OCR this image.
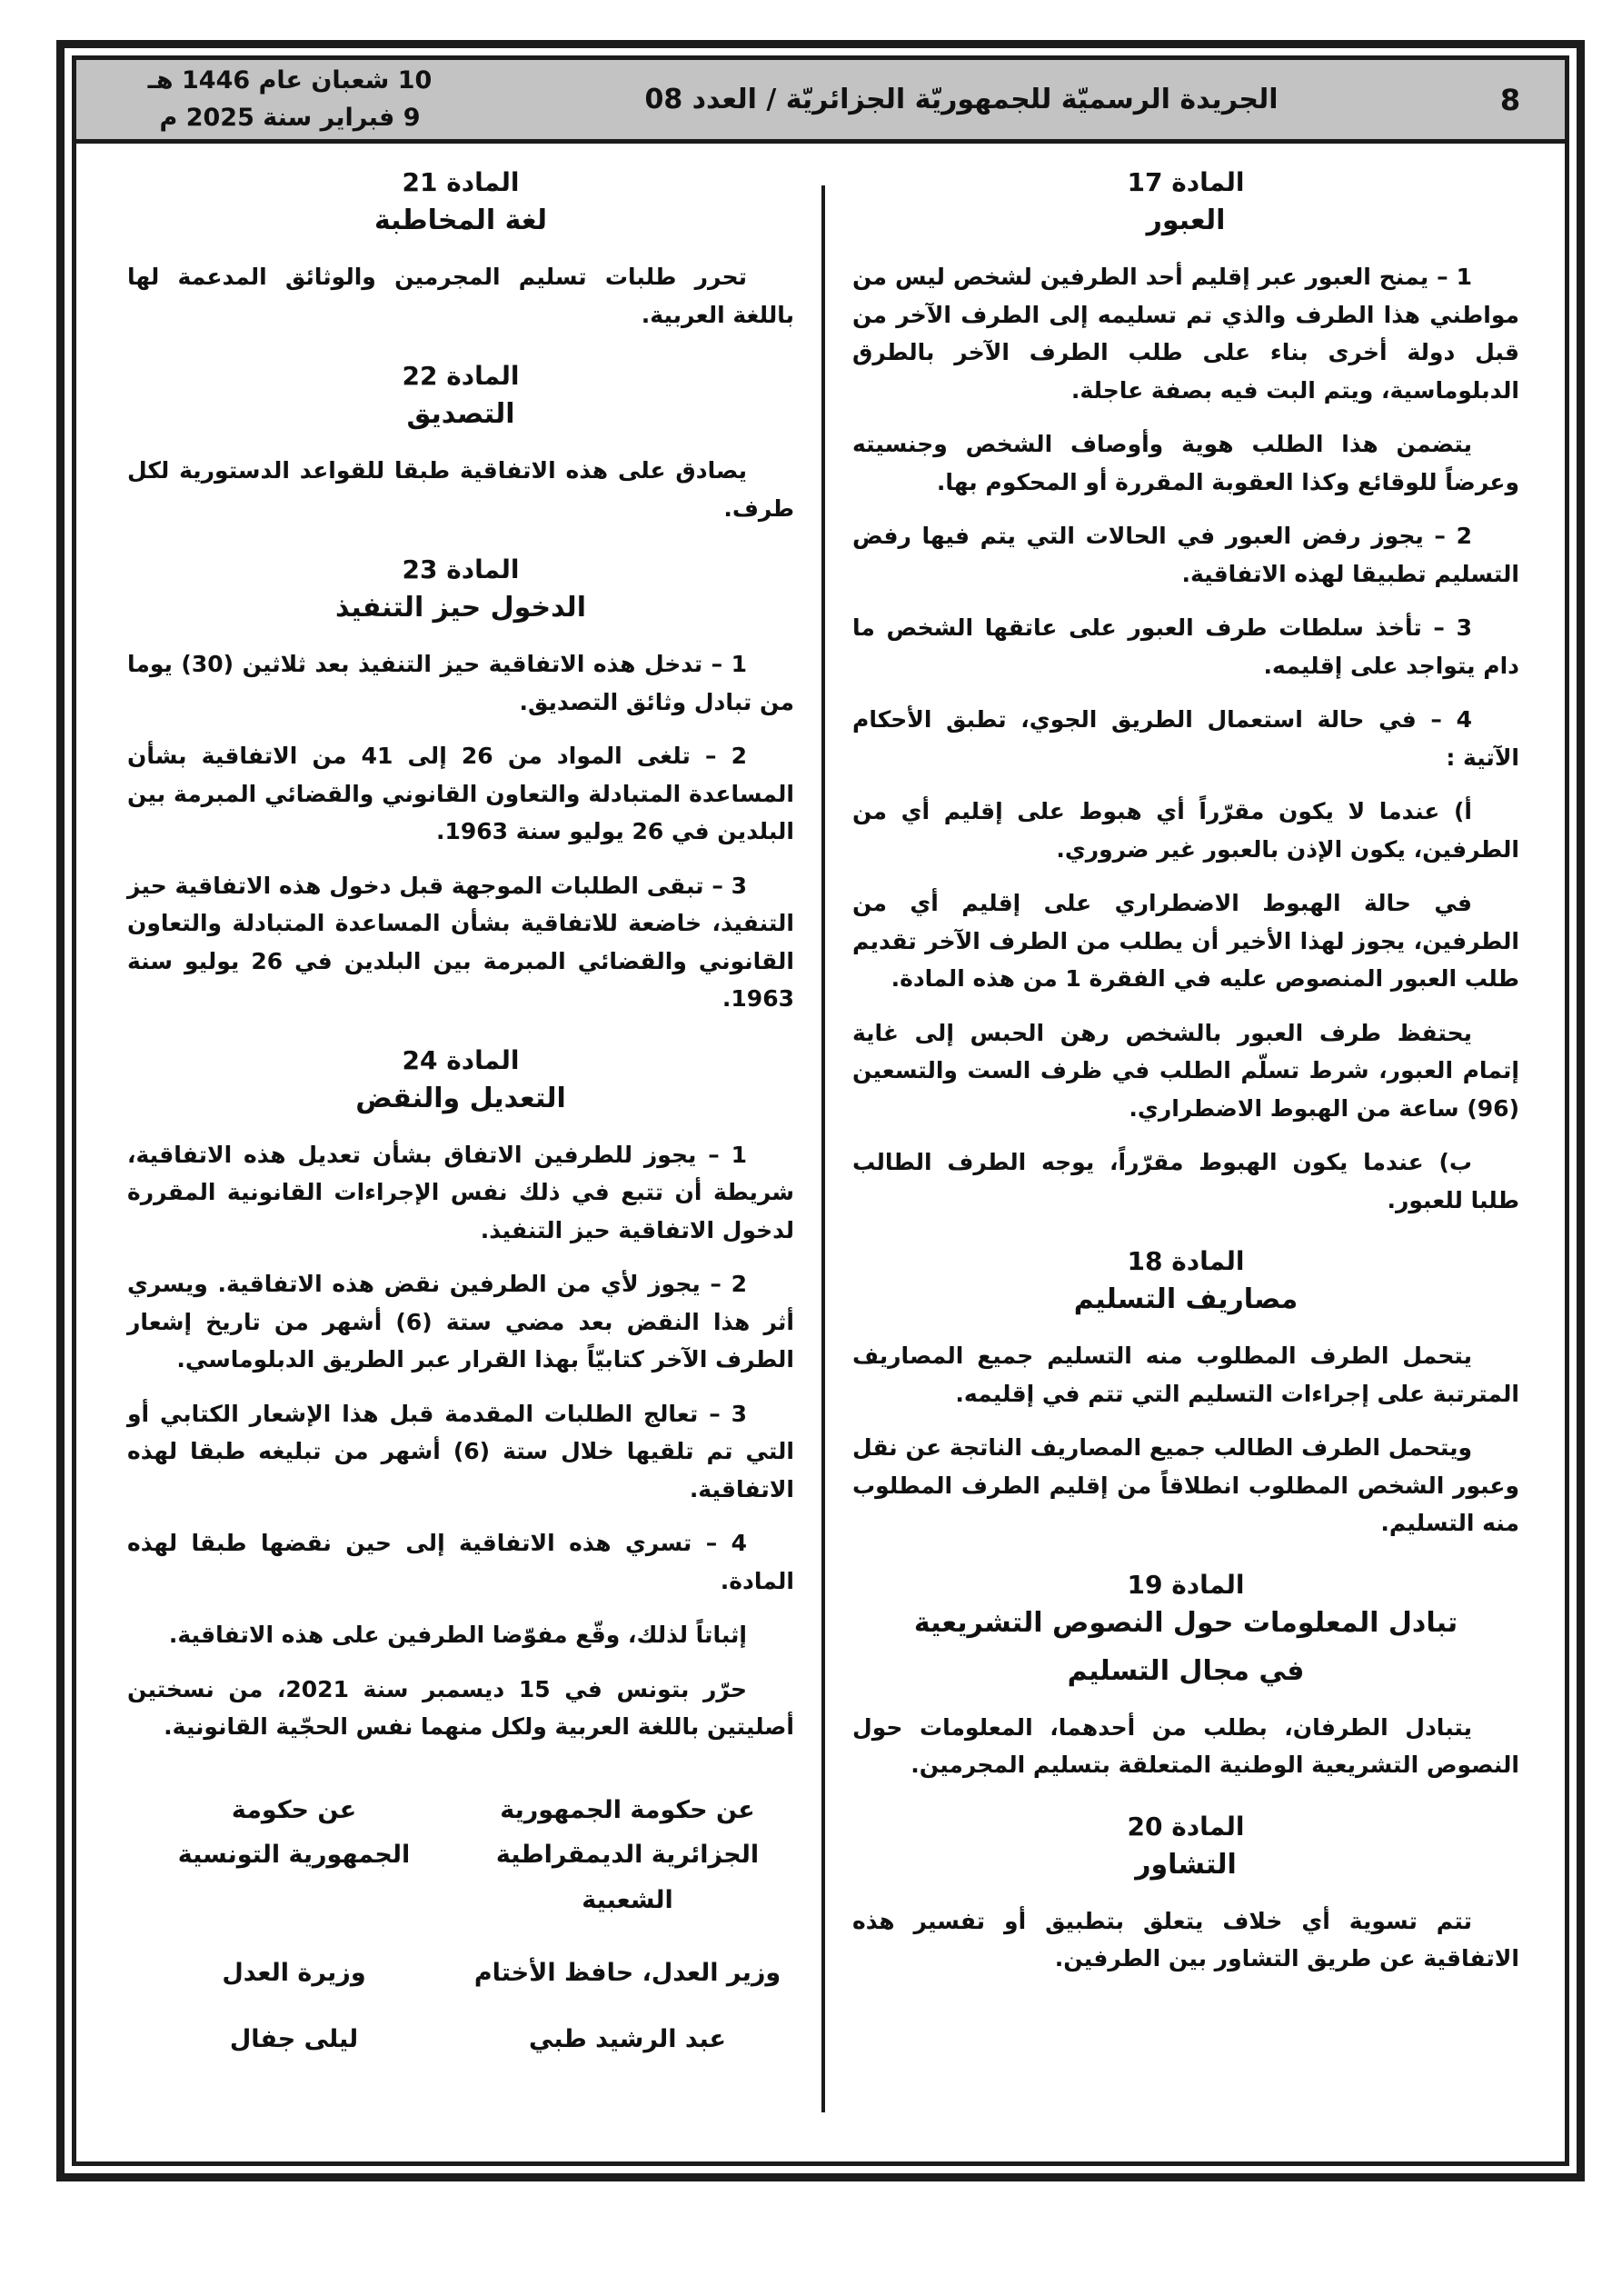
8
الجريدة الرسميّة للجمهوريّة الجزائريّة / العدد 08
10 شعبان عام 1446 هـ
9 فبراير سنة 2025 م
المادة 17
العبور

1 – يمنح العبور عبر إقليم أحد الطرفين لشخص ليس من مواطني هذا الطرف والذي تم تسليمه إلى الطرف الآخر من قبل دولة أخرى بناء على طلب الطرف الآخر بالطرق الدبلوماسية، ويتم البت فيه بصفة عاجلة.

يتضمن هذا الطلب هوية وأوصاف الشخص وجنسيته وعرضاً للوقائع وكذا العقوبة المقررة أو المحكوم بها.

2 – يجوز رفض العبور في الحالات التي يتم فيها رفض التسليم تطبيقا لهذه الاتفاقية.

3 – تأخذ سلطات طرف العبور على عاتقها الشخص ما دام يتواجد على إقليمه.

4 – في حالة استعمال الطريق الجوي، تطبق الأحكام الآتية :

أ) عندما لا يكون مقرّراً أي هبوط على إقليم أي من الطرفين، يكون الإذن بالعبور غير ضروري.

في حالة الهبوط الاضطراري على إقليم أي من الطرفين، يجوز لهذا الأخير أن يطلب من الطرف الآخر تقديم طلب العبور المنصوص عليه في الفقرة 1 من هذه المادة.

يحتفظ طرف العبور بالشخص رهن الحبس إلى غاية إتمام العبور، شرط تسلّم الطلب في ظرف الست والتسعين (96) ساعة من الهبوط الاضطراري.

ب) عندما يكون الهبوط مقرّراً، يوجه الطرف الطالب طلبا للعبور.

المادة 18
مصاريف التسليم

يتحمل الطرف المطلوب منه التسليم جميع المصاريف المترتبة على إجراءات التسليم التي تتم في إقليمه.

ويتحمل الطرف الطالب جميع المصاريف الناتجة عن نقل وعبور الشخص المطلوب انطلاقاً من إقليم الطرف المطلوب منه التسليم.

المادة 19
تبادل المعلومات حول النصوص التشريعية
في مجال التسليم

يتبادل الطرفان، بطلب من أحدهما، المعلومات حول النصوص التشريعية الوطنية المتعلقة بتسليم المجرمين.

المادة 20
التشاور

تتم تسوية أي خلاف يتعلق بتطبيق أو تفسير هذه الاتفاقية عن طريق التشاور بين الطرفين.

المادة 21
لغة المخاطبة

تحرر طلبات تسليم المجرمين والوثائق المدعمة لها باللغة العربية.

المادة 22
التصديق

يصادق على هذه الاتفاقية طبقا للقواعد الدستورية لكل طرف.

المادة 23
الدخول حيز التنفيذ

1 – تدخل هذه الاتفاقية حيز التنفيذ بعد ثلاثين (30) يوما من تبادل وثائق التصديق.

2 – تلغى المواد من 26 إلى 41 من الاتفاقية بشأن المساعدة المتبادلة والتعاون القانوني والقضائي المبرمة بين البلدين في 26 يوليو سنة 1963.

3 – تبقى الطلبات الموجهة قبل دخول هذه الاتفاقية حيز التنفيذ، خاضعة للاتفاقية بشأن المساعدة المتبادلة والتعاون القانوني والقضائي المبرمة بين البلدين في 26 يوليو سنة 1963.

المادة 24
التعديل والنقض

1 – يجوز للطرفين الاتفاق بشأن تعديل هذه الاتفاقية، شريطة أن تتبع في ذلك نفس الإجراءات القانونية المقررة لدخول الاتفاقية حيز التنفيذ.

2 – يجوز لأي من الطرفين نقض هذه الاتفاقية. ويسري أثر هذا النقض بعد مضي ستة (6) أشهر من تاريخ إشعار الطرف الآخر كتابيّاً بهذا القرار عبر الطريق الدبلوماسي.

3 – تعالج الطلبات المقدمة قبل هذا الإشعار الكتابي أو التي تم تلقيها خلال ستة (6) أشهر من تبليغه طبقا لهذه الاتفاقية.

4 – تسري هذه الاتفاقية إلى حين نقضها طبقا لهذه المادة.

إثباتاً لذلك، وقّع مفوّضا الطرفين على هذه الاتفاقية.

حرّر بتونس في 15 ديسمبر سنة 2021، من نسختين أصليتين باللغة العربية ولكل منهما نفس الحجّية القانونية.

عن حكومة الجمهورية
الجزائرية الديمقراطية
الشعبية
وزير العدل، حافظ الأختام
عبد الرشيد طبي
عن حكومة
الجمهورية التونسية
وزيرة العدل
ليلى جفال
